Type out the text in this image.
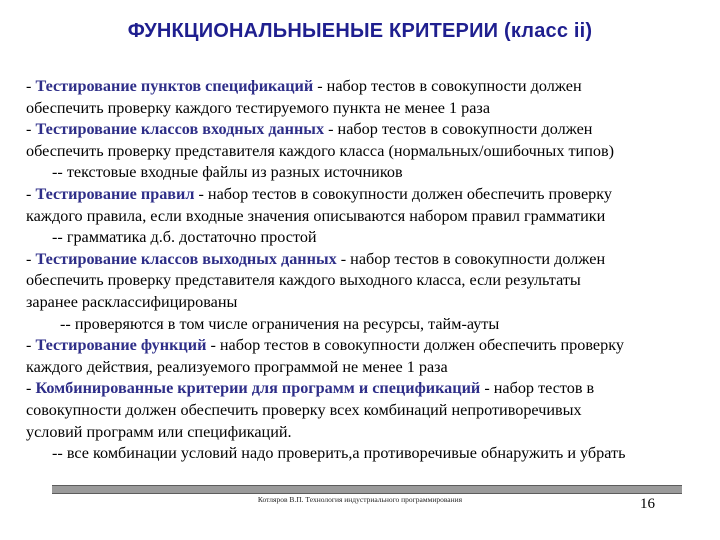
ФУНКЦИОНАЛЬНЫЕНЫЕ КРИТЕРИИ (класс ii)
- Тестирование пунктов спецификаций - набор тестов в совокупности должен
обеспечить проверку каждого тестируемого пункта не менее 1 раза
- Тестирование классов входных данных - набор тестов в совокупности должен
обеспечить проверку представителя каждого класса (нормальных/ошибочных типов)
-- текстовые входные файлы из разных источников
- Тестирование правил - набор тестов в совокупности должен обеспечить проверку
каждого правила, если входные значения описываются набором правил грамматики
-- грамматика д.б. достаточно простой
- Тестирование классов выходных данных - набор тестов в совокупности должен
обеспечить проверку представителя каждого выходного класса, если результаты
заранее расклассифицированы
-- проверяются в том числе ограничения на ресурсы, тайм-ауты
- Тестирование функций - набор тестов в совокупности должен обеспечить проверку
каждого действия, реализуемого программой не менее 1 раза
- Комбинированные критерии для программ и спецификаций - набор тестов в
совокупности должен обеспечить проверку всех комбинаций непротиворечивых
условий программ или спецификаций.
-- все комбинации условий надо проверить,а противоречивые обнаружить и убрать
Котляров В.П. Технология индустриального программирования	16
